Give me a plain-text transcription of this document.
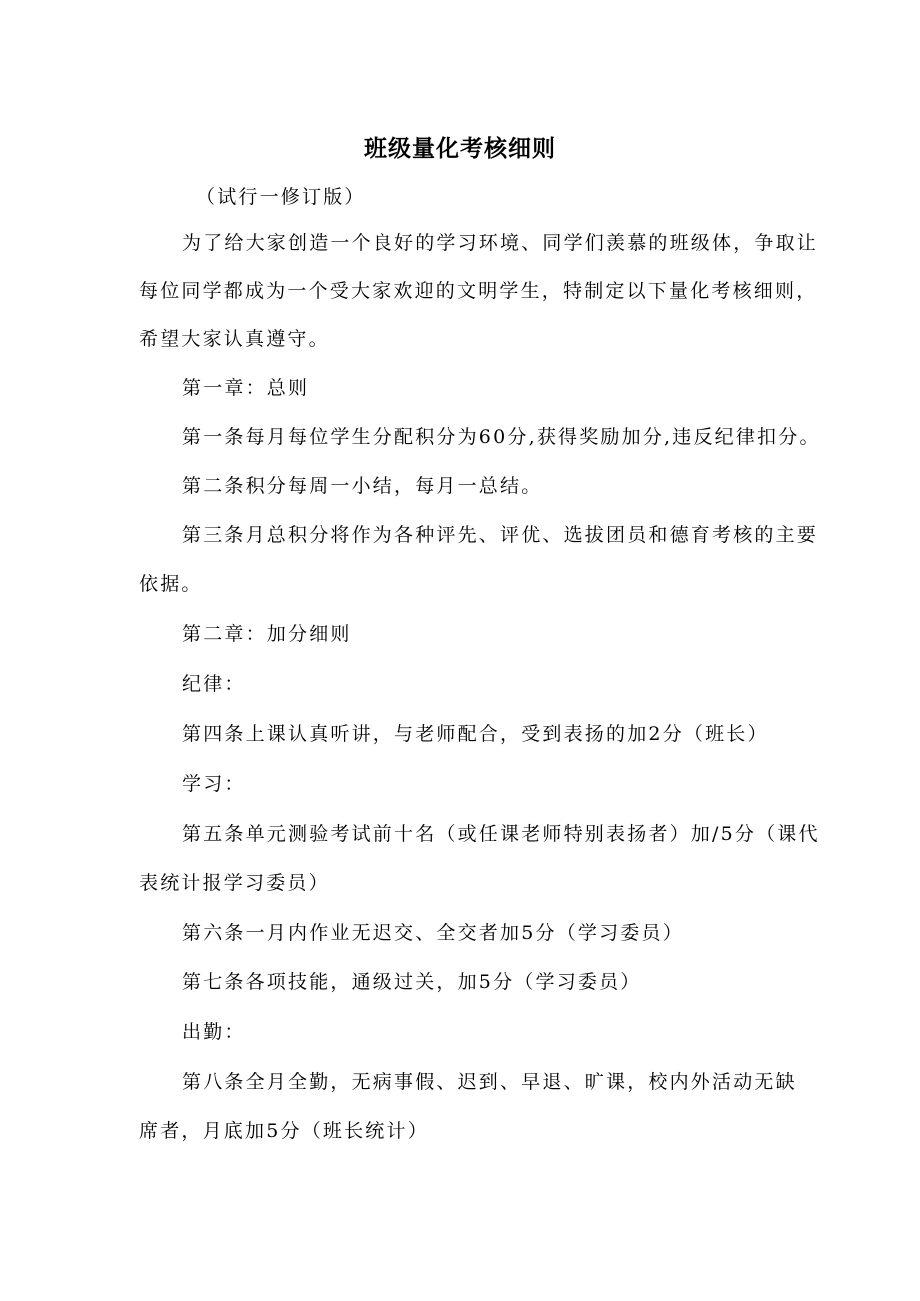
班级量化考核细则
（试行一修订版）
为了给大家创造一个良好的学习环境、同学们羡慕的班级体，争取让
每位同学都成为一个受大家欢迎的文明学生，特制定以下量化考核细则，
希望大家认真遵守。
第一章：总则
第一条每月每位学生分配积分为60分,获得奖励加分,违反纪律扣分。
第二条积分每周一小结，每月一总结。
第三条月总积分将作为各种评先、评优、选拔团员和德育考核的主要
依据。
第二章：加分细则
纪律：
第四条上课认真听讲，与老师配合，受到表扬的加2分（班长）
学习：
第五条单元测验考试前十名（或任课老师特别表扬者）加/5分（课代
表统计报学习委员）
第六条一月内作业无迟交、全交者加5分（学习委员）
第七条各项技能，通级过关，加5分（学习委员）
出勤：
第八条全月全勤，无病事假、迟到、早退、旷课，校内外活动无缺
席者，月底加5分（班长统计）
